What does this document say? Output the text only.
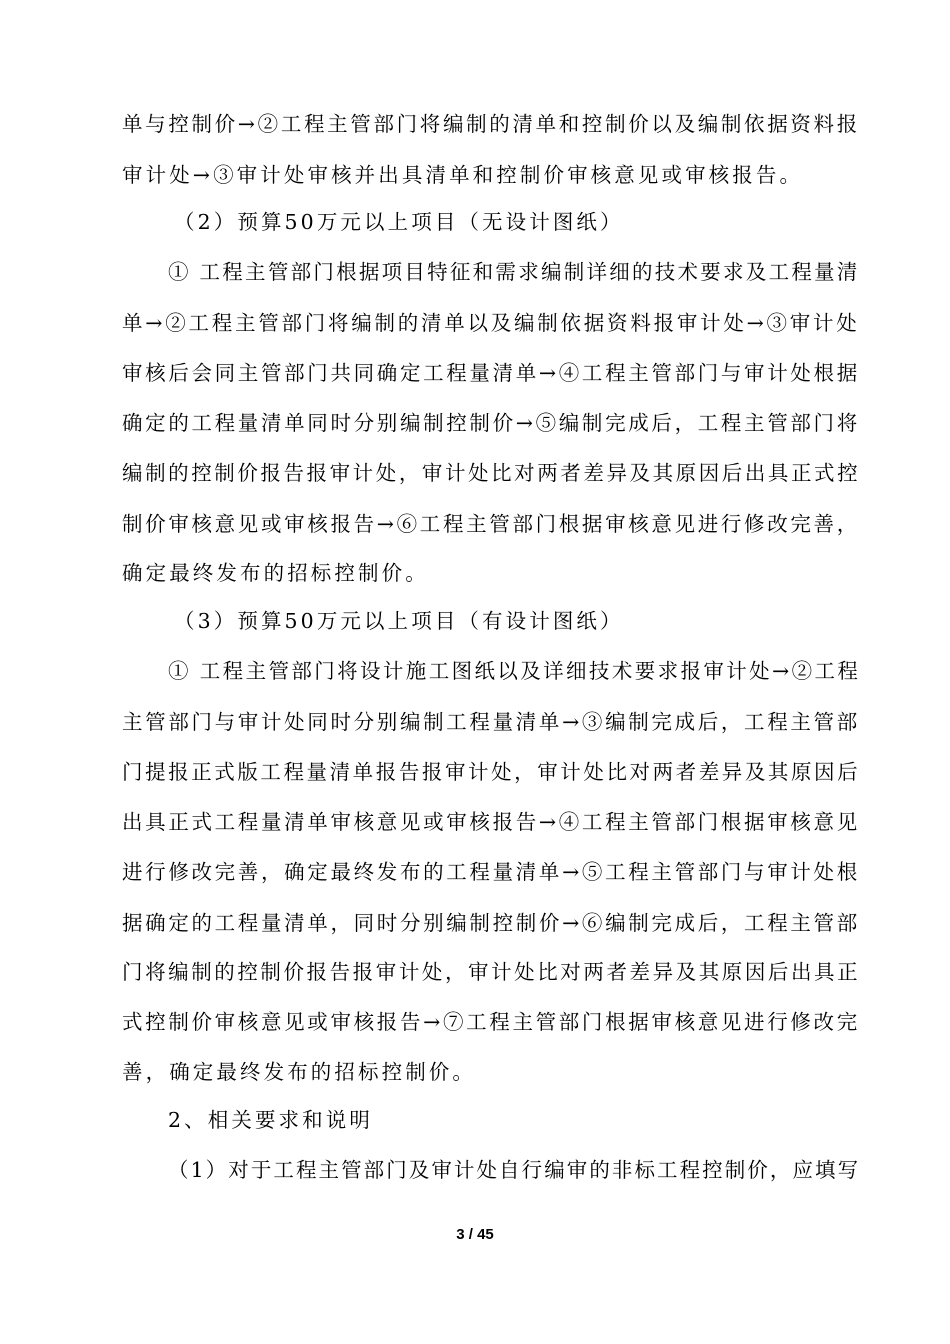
单与控制价→②工程主管部门将编制的清单和控制价以及编制依据资料报
审计处→③审计处审核并出具清单和控制价审核意见或审核报告。
（2）预算50万元以上项目（无设计图纸）
① 工程主管部门根据项目特征和需求编制详细的技术要求及工程量清
单→②工程主管部门将编制的清单以及编制依据资料报审计处→③审计处
审核后会同主管部门共同确定工程量清单→④工程主管部门与审计处根据
确定的工程量清单同时分别编制控制价→⑤编制完成后，工程主管部门将
编制的控制价报告报审计处，审计处比对两者差异及其原因后出具正式控
制价审核意见或审核报告→⑥工程主管部门根据审核意见进行修改完善，
确定最终发布的招标控制价。
（3）预算50万元以上项目（有设计图纸）
① 工程主管部门将设计施工图纸以及详细技术要求报审计处→②工程
主管部门与审计处同时分别编制工程量清单→③编制完成后，工程主管部
门提报正式版工程量清单报告报审计处，审计处比对两者差异及其原因后
出具正式工程量清单审核意见或审核报告→④工程主管部门根据审核意见
进行修改完善，确定最终发布的工程量清单→⑤工程主管部门与审计处根
据确定的工程量清单，同时分别编制控制价→⑥编制完成后，工程主管部
门将编制的控制价报告报审计处，审计处比对两者差异及其原因后出具正
式控制价审核意见或审核报告→⑦工程主管部门根据审核意见进行修改完
善，确定最终发布的招标控制价。
2、相关要求和说明
（1）对于工程主管部门及审计处自行编审的非标工程控制价，应填写
3 / 45
